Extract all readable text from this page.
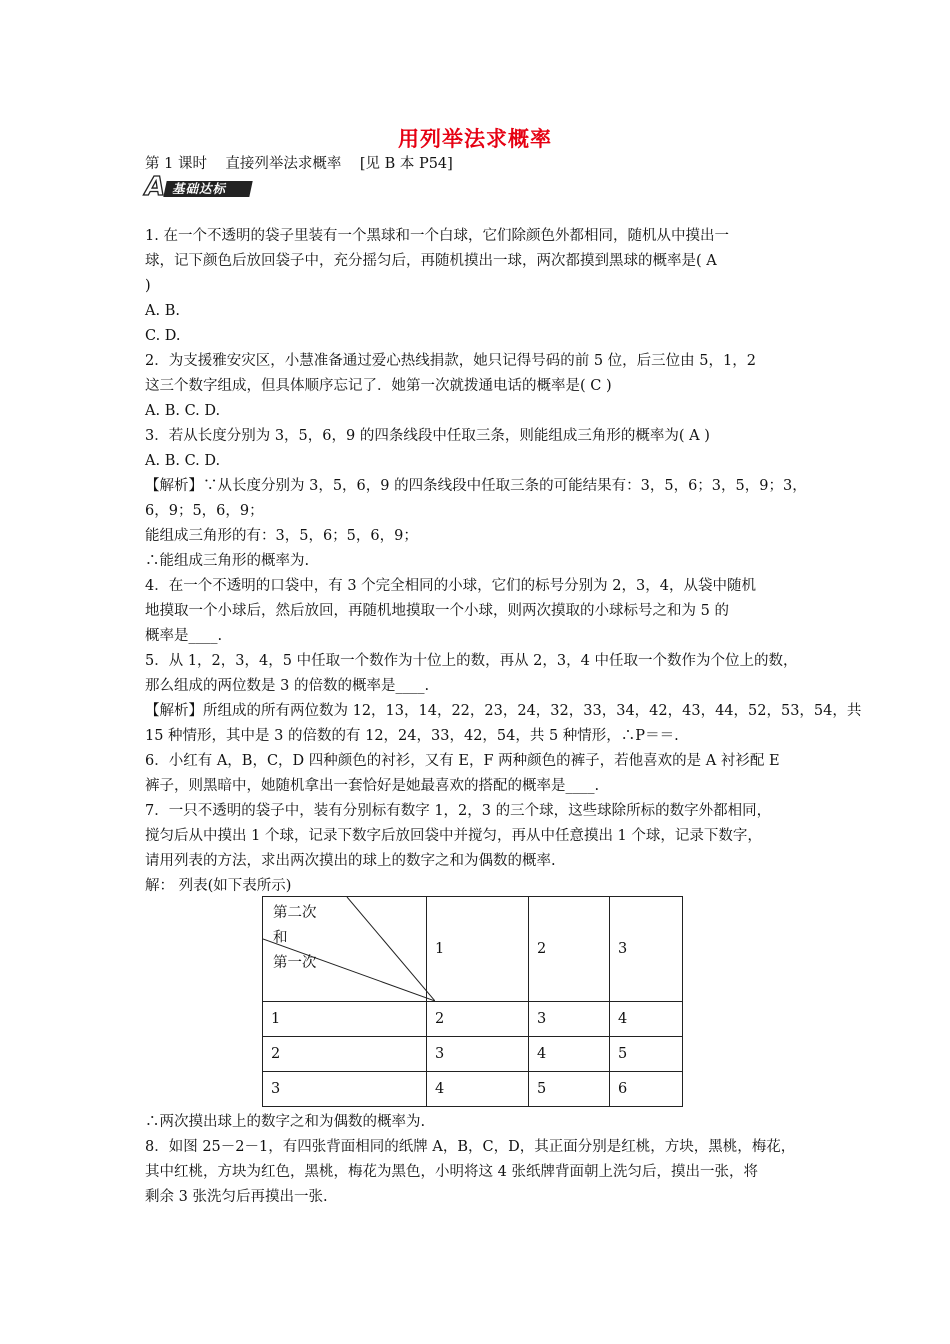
用列举法求概率
第 1 课时    直接列举法求概率    [见 B 本 P54]
A 基础达标
1. 在一个不透明的袋子里装有一个黑球和一个白球，它们除颜色外都相同，随机从中摸出一
球，记下颜色后放回袋子中，充分摇匀后，再随机摸出一球，两次都摸到黑球的概率是( A
)
A. B.
C. D.
2．为支援雅安灾区，小慧准备通过爱心热线捐款，她只记得号码的前 5 位，后三位由 5，1，2
这三个数字组成，但具体顺序忘记了．她第一次就拨通电话的概率是( C )
A. B. C. D.
3．若从长度分别为 3，5，6，9 的四条线段中任取三条，则能组成三角形的概率为( A )
A. B. C. D.
【解析】∵从长度分别为 3，5，6，9 的四条线段中任取三条的可能结果有：3，5，6；3，5，9；3，
6，9；5，6，9；
能组成三角形的有：3，5，6；5，6，9；
∴能组成三角形的概率为.
4．在一个不透明的口袋中，有 3 个完全相同的小球，它们的标号分别为 2，3，4，从袋中随机
地摸取一个小球后，然后放回，再随机地摸取一个小球，则两次摸取的小球标号之和为 5 的
概率是____.
5．从 1，2，3，4，5 中任取一个数作为十位上的数，再从 2，3，4 中任取一个数作为个位上的数，
那么组成的两位数是 3 的倍数的概率是____.
【解析】所组成的所有两位数为 12，13，14，22，23，24，32，33，34，42，43，44，52，53，54，共
15 种情形，其中是 3 的倍数的有 12，24，33，42，54，共 5 种情形，∴P＝＝.
6．小红有 A，B，C，D 四种颜色的衬衫，又有 E，F 两种颜色的裤子，若他喜欢的是 A 衬衫配 E
裤子，则黑暗中，她随机拿出一套恰好是她最喜欢的搭配的概率是____.
7．一只不透明的袋子中，装有分别标有数字 1，2，3 的三个球，这些球除所标的数字外都相同，
搅匀后从中摸出 1 个球，记录下数字后放回袋中并搅匀，再从中任意摸出 1 个球，记录下数字，
请用列表的方法，求出两次摸出的球上的数字之和为偶数的概率.
解： 列表(如下表所示)
第二次
和
第一次	1	2	3
1	2	3	4
2	3	4	5
3	4	5	6
∴两次摸出球上的数字之和为偶数的概率为.
8．如图 25－2－1，有四张背面相同的纸牌 A，B，C，D，其正面分别是红桃，方块，黑桃，梅花，
其中红桃，方块为红色，黑桃，梅花为黑色，小明将这 4 张纸牌背面朝上洗匀后，摸出一张，将
剩余 3 张洗匀后再摸出一张.
